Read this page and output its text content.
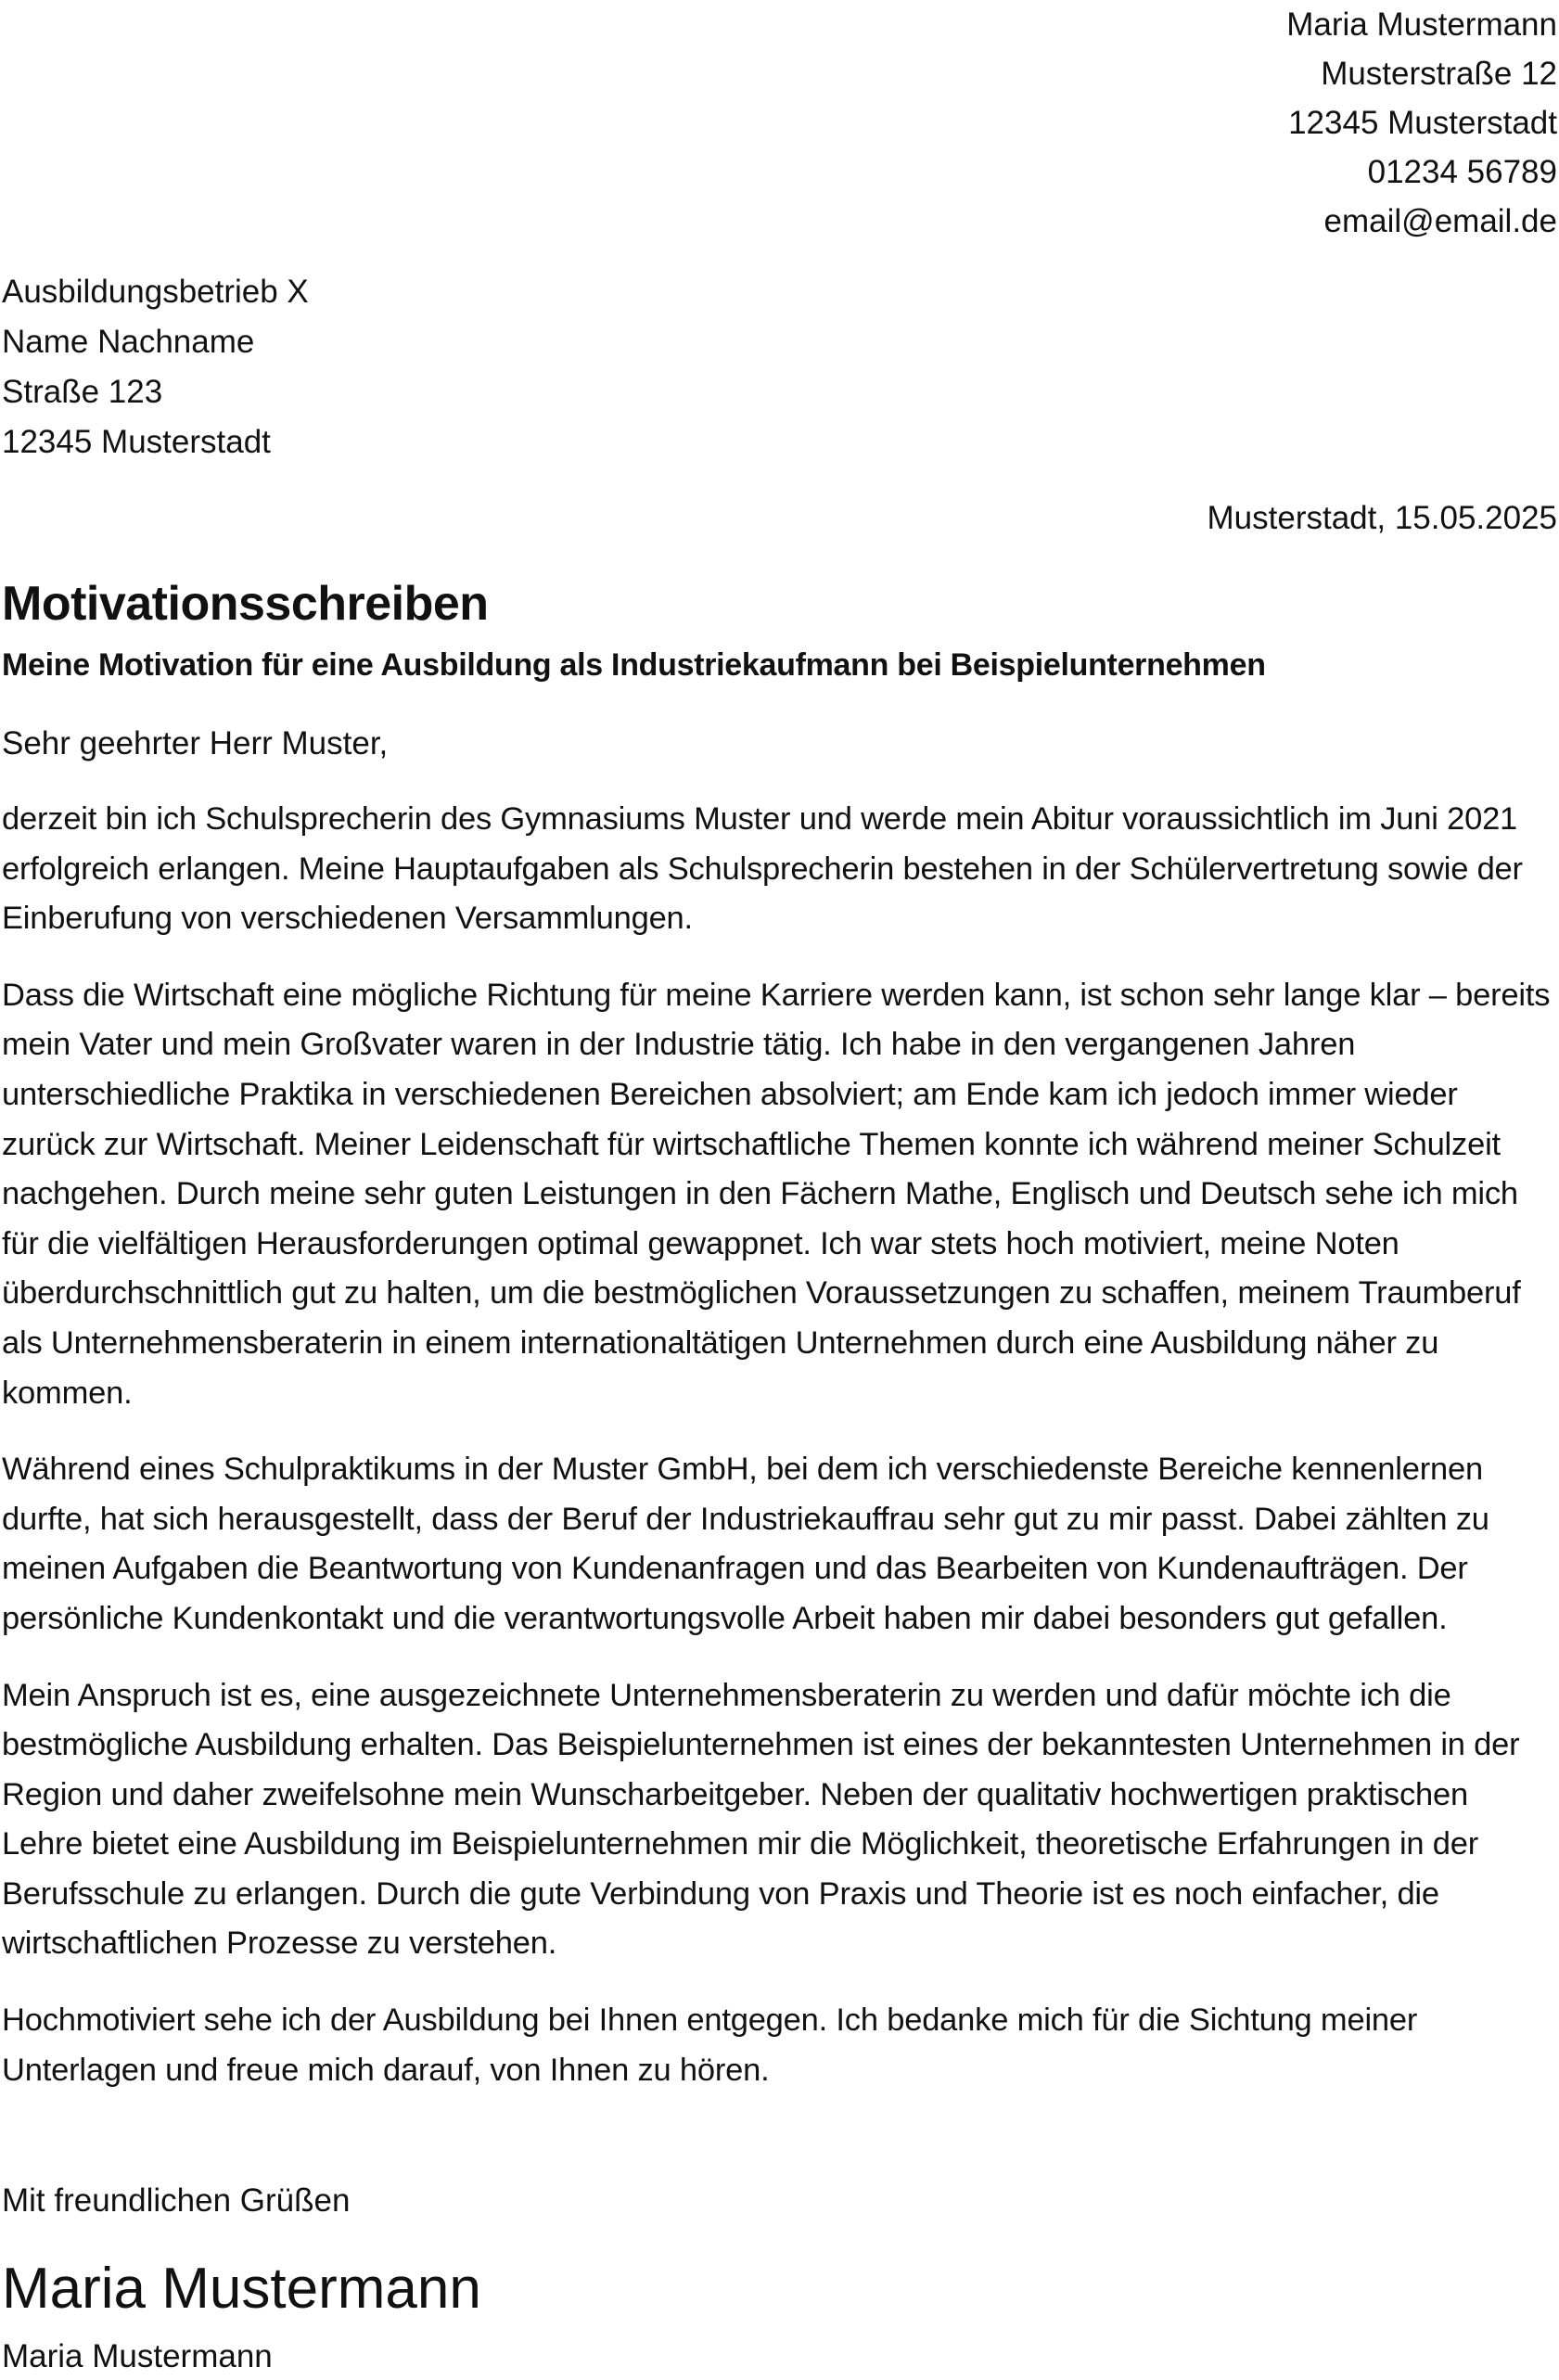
Maria Mustermann
Musterstraße 12
12345 Musterstadt
01234 56789
email@email.de
Ausbildungsbetrieb X
Name Nachname
Straße 123
12345 Musterstadt
Musterstadt, 15.05.2025
Motivationsschreiben
Meine Motivation für eine Ausbildung als Industriekaufmann bei Beispielunternehmen
Sehr geehrter Herr Muster,

derzeit bin ich Schulsprecherin des Gymnasiums Muster und werde mein Abitur voraussichtlich im Juni 2021 erfolgreich erlangen. Meine Hauptaufgaben als Schulsprecherin bestehen in der Schülervertretung sowie der Einberufung von verschiedenen Versammlungen.

Dass die Wirtschaft eine mögliche Richtung für meine Karriere werden kann, ist schon sehr lange klar – bereits mein Vater und mein Großvater waren in der Industrie tätig. Ich habe in den vergangenen Jahren unterschiedliche Praktika in verschiedenen Bereichen absolviert; am Ende kam ich jedoch immer wieder zurück zur Wirtschaft. Meiner Leidenschaft für wirtschaftliche Themen konnte ich während meiner Schulzeit nachgehen. Durch meine sehr guten Leistungen in den Fächern Mathe, Englisch und Deutsch sehe ich mich für die vielfältigen Herausforderungen optimal gewappnet. Ich war stets hoch motiviert, meine Noten überdurchschnittlich gut zu halten, um die bestmöglichen Voraussetzungen zu schaffen, meinem Traumberuf als Unternehmensberaterin in einem internationaltätigen Unternehmen durch eine Ausbildung näher zu kommen.

Während eines Schulpraktikums in der Muster GmbH, bei dem ich verschiedenste Bereiche kennenlernen durfte, hat sich herausgestellt, dass der Beruf der Industriekauffrau sehr gut zu mir passt. Dabei zählten zu meinen Aufgaben die Beantwortung von Kundenanfragen und das Bearbeiten von Kundenaufträgen. Der persönliche Kundenkontakt und die verantwortungsvolle Arbeit haben mir dabei besonders gut gefallen.

Mein Anspruch ist es, eine ausgezeichnete Unternehmensberaterin zu werden und dafür möchte ich die bestmögliche Ausbildung erhalten. Das Beispielunternehmen ist eines der bekanntesten Unternehmen in der Region und daher zweifelsohne mein Wunscharbeitgeber. Neben der qualitativ hochwertigen praktischen Lehre bietet eine Ausbildung im Beispielunternehmen mir die Möglichkeit, theoretische Erfahrungen in der Berufsschule zu erlangen. Durch die gute Verbindung von Praxis und Theorie ist es noch einfacher, die wirtschaftlichen Prozesse zu verstehen.

Hochmotiviert sehe ich der Ausbildung bei Ihnen entgegen. Ich bedanke mich für die Sichtung meiner Unterlagen und freue mich darauf, von Ihnen zu hören.

Mit freundlichen Grüßen
Maria Mustermann
Maria Mustermann
